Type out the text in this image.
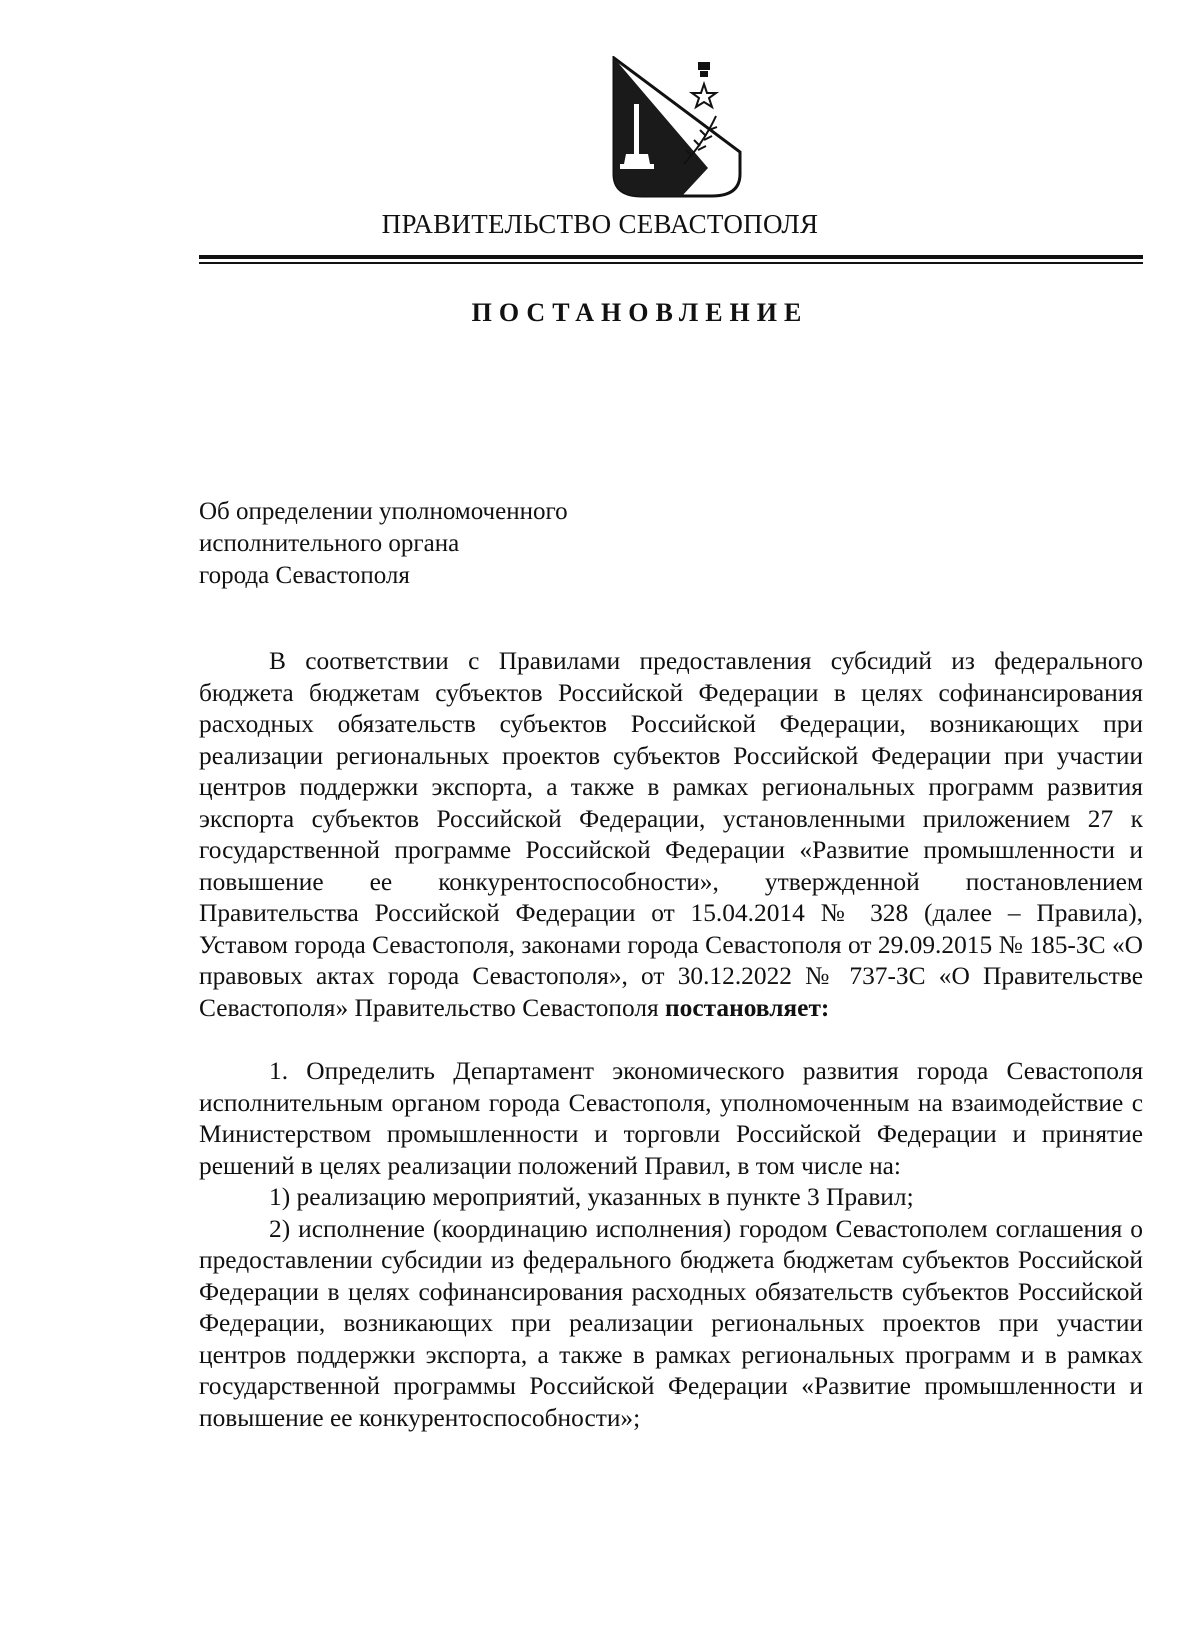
ПРАВИТЕЛЬСТВО СЕВАСТОПОЛЯ
ПОСТАНОВЛЕНИЕ
Об определении уполномоченного
исполнительного органа
города Севастополя

В соответствии с Правилами предоставления субсидий из федерального бюджета бюджетам субъектов Российской Федерации в целях софинансирования расходных обязательств субъектов Российской Федерации, возникающих при реализации региональных проектов субъектов Российской Федерации при участии центров поддержки экспорта, а также в рамках региональных программ развития экспорта субъектов Российской Федерации, установленными приложением 27 к государственной программе Российской Федерации «Развитие промышленности и повышение ее конкурентоспособности», утвержденной постановлением Правительства Российской Федерации от 15.04.2014 № 328 (далее – Правила), Уставом города Севастополя, законами города Севастополя от 29.09.2015 № 185-ЗС «О правовых актах города Севастополя», от 30.12.2022 № 737-ЗС «О Правительстве Севастополя» Правительство Севастополя постановляет:

1. Определить Департамент экономического развития города Севастополя исполнительным органом города Севастополя, уполномоченным на взаимодействие с Министерством промышленности и торговли Российской Федерации и принятие решений в целях реализации положений Правил, в том числе на:

1) реализацию мероприятий, указанных в пункте 3 Правил;

2) исполнение (координацию исполнения) городом Севастополем соглашения о предоставлении субсидии из федерального бюджета бюджетам субъектов Российской Федерации в целях софинансирования расходных обязательств субъектов Российской Федерации, возникающих при реализации региональных проектов при участии центров поддержки экспорта, а также в рамках региональных программ и в рамках государственной программы Российской Федерации «Развитие промышленности и повышение ее конкурентоспособности»;
